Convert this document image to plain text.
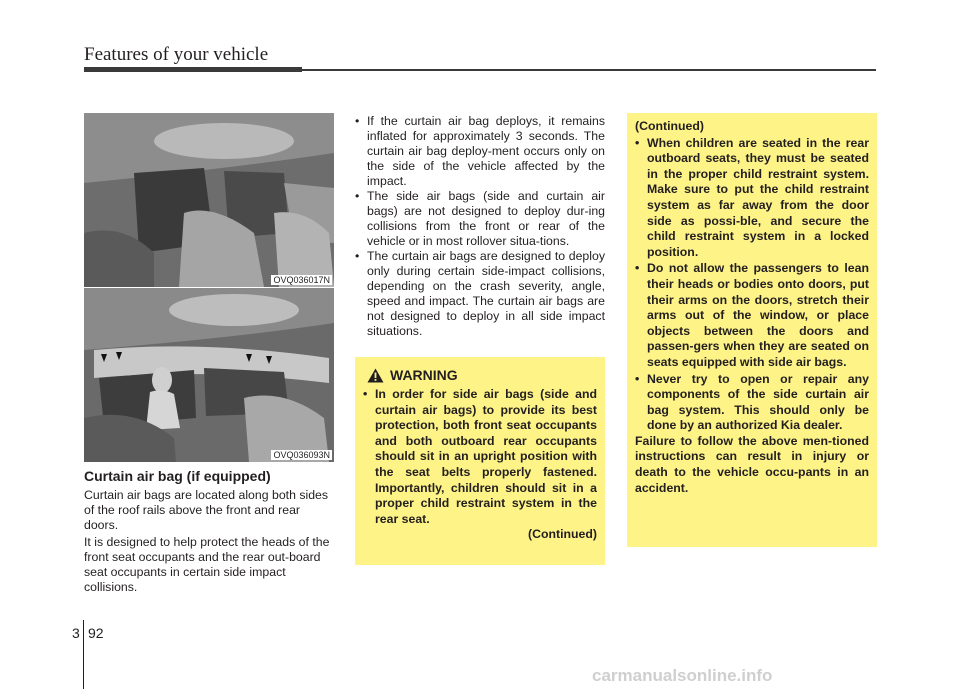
Features of your vehicle
OVQ036017N
OVQ036093N
Curtain air bag (if equipped)

Curtain air bags are located along both sides of the roof rails above the front and rear doors.

It is designed to help protect the heads of the front seat occupants and the rear out-board seat occupants in certain side impact collisions.

• If the curtain air bag deploys, it remains inflated for approximately 3 seconds. The curtain air bag deploy-ment occurs only on the side of the vehicle affected by the impact.
• The side air bags (side and curtain air bags) are not designed to deploy dur-ing collisions from the front or rear of the vehicle or in most rollover situa-tions.
• The curtain air bags are designed to deploy only during certain side-impact collisions, depending on the crash severity, angle, speed and impact. The curtain air bags are not designed to deploy in all side impact situations.
WARNING
• In order for side air bags (side and curtain air bags) to provide its best protection, both front seat occupants and both outboard rear occupants should sit in an upright position with the seat belts properly fastened. Importantly, children should sit in a proper child restraint system in the rear seat.
(Continued)
(Continued)
• When children are seated in the rear outboard seats, they must be seated in the proper child restraint system. Make sure to put the child restraint system as far away from the door side as possi-ble, and secure the child restraint system in a locked position.
• Do not allow the passengers to lean their heads or bodies onto doors, put their arms on the doors, stretch their arms out of the window, or place objects between the doors and passen-gers when they are seated on seats equipped with side air bags.
• Never try to open or repair any components of the side curtain air bag system. This should only be done by an authorized Kia dealer.

Failure to follow the above men-tioned instructions can result in injury or death to the vehicle occu-pants in an accident.

3 92
carmanualsonline.info
